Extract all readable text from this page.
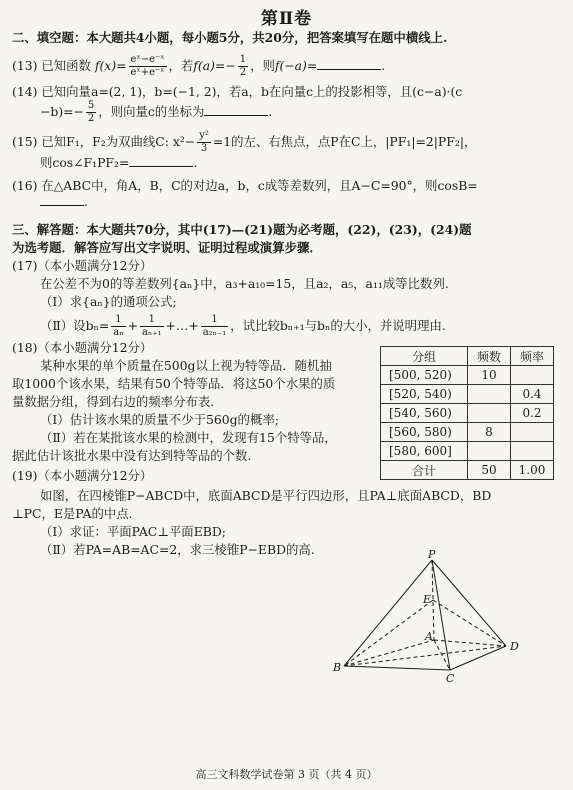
第Ⅱ卷
二、填空题：本大题共4小题，每小题5分，共20分，把答案填写在题中横线上.
(13) 已知函数 $f(x)= \frac{\text{eˣ−e⁻ˣ}}{\text{eˣ+e⁻ˣ}}$ ，若$f(a)=- \frac{1}{2}$ ，则f(−a)=	.
(14) 已知向量a=(2, 1)，b=(−1, 2)，若a，b在向量c上的投影相等，且(c−a)·(c
$-b)=- \frac{5}{2}$ ，则向量c的坐标为	.
(15) 已知F₁，F₂为双曲线C: $x^2- \frac{\text{y²}}{3} =1$的左、右焦点，点P在C上，|PF₁|=2|PF₂|，
则cos∠F₁PF₂=	.
(16) 在△ABC中，角A，B，C的对边a，b，c成等差数列，且A−C=90°，则cosB=
.
三、解答题：本大题共70分，其中(17)—(21)题为必考题，(22)，(23)，(24)题
为选考题．解答应写出文字说明、证明过程或演算步骤．
(17)（本小题满分12分）
在公差不为0的等差数列{aₙ}中，a₃+a₁₀=15，且a₂，a₅，a₁₁成等比数列.
（Ⅰ）求{aₙ}的通项公式;
（Ⅱ）设$b_n= \frac{1}{\text{aₙ}} + \frac{1}{\text{aₙ₊₁}}$ +…+ $\frac{1}{\text{a₂ₙ₋₁}}$ ，试比较bₙ₊₁与bₙ的大小，并说明理由.
(18)（本小题满分12分）
某种水果的单个质量在500g以上视为特等品．随机抽
取1000个该水果，结果有50个特等品．将这50个水果的质
量数据分组，得到右边的频率分布表.
（Ⅰ）估计该水果的质量不少于560g的概率;
（Ⅱ）若在某批该水果的检测中，发现有15个特等品，
据此估计该批水果中没有达到特等品的个数.
分组	频数	频率
[500, 520)	10	
[520, 540)		0.4
[540, 560)		0.2
[560, 580)	8	
[580, 600]		
合计	50	1.00
(19)（本小题满分12分）
如图，在四棱锥P−ABCD中，底面ABCD是平行四边形，且PA⊥底面ABCD，BD
⊥PC，E是PA的中点.
（Ⅰ）求证：平面PAC⊥平面EBD;
（Ⅱ）若PA=AB=AC=2，求三棱锥P−EBD的高.	P
E
A
B
C
D
高三文科数学试卷第 3 页（共 4 页）
